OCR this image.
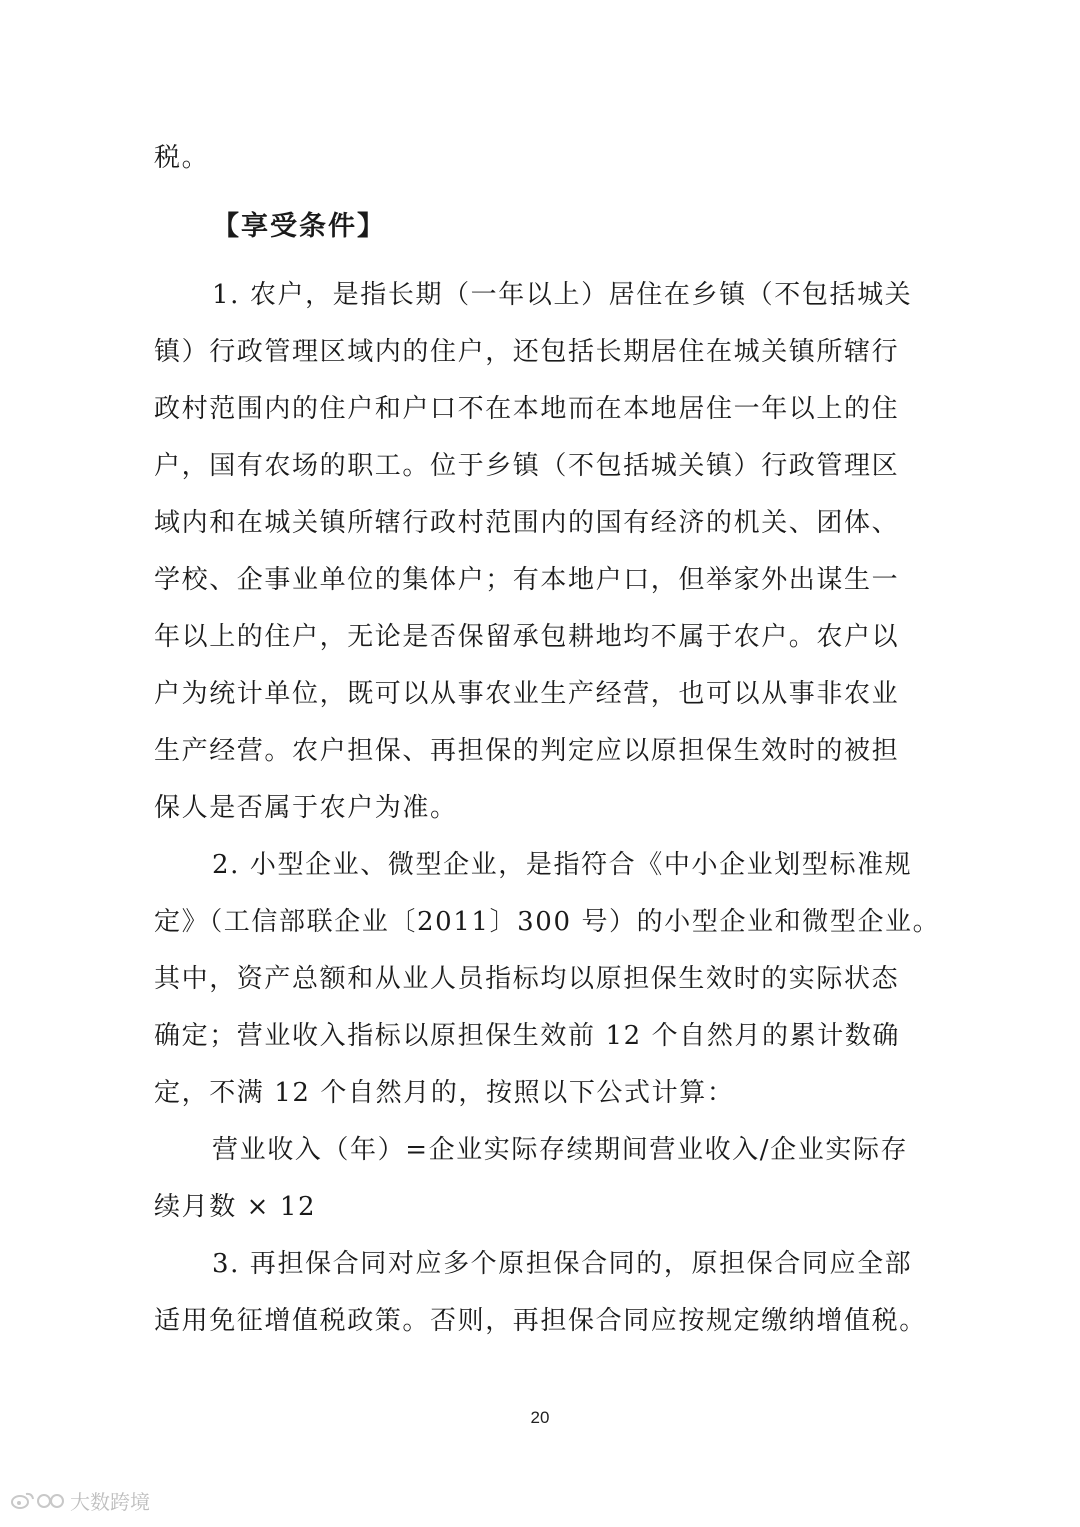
税。
【享受条件】
1. 农户，是指长期（一年以上）居住在乡镇（不包括城关
镇）行政管理区域内的住户，还包括长期居住在城关镇所辖行
政村范围内的住户和户口不在本地而在本地居住一年以上的住
户，国有农场的职工。位于乡镇（不包括城关镇）行政管理区
域内和在城关镇所辖行政村范围内的国有经济的机关、团体、
学校、企事业单位的集体户；有本地户口，但举家外出谋生一
年以上的住户，无论是否保留承包耕地均不属于农户。农户以
户为统计单位，既可以从事农业生产经营，也可以从事非农业
生产经营。农户担保、再担保的判定应以原担保生效时的被担
保人是否属于农户为准。
2. 小型企业、微型企业，是指符合《中小企业划型标准规
定》（工信部联企业〔2011〕300 号）的小型企业和微型企业。
其中，资产总额和从业人员指标均以原担保生效时的实际状态
确定；营业收入指标以原担保生效前 12 个自然月的累计数确
定，不满 12 个自然月的，按照以下公式计算：
营业收入（年）=企业实际存续期间营业收入/企业实际存
续月数 × 12
3. 再担保合同对应多个原担保合同的，原担保合同应全部
适用免征增值税政策。否则，再担保合同应按规定缴纳增值税。
20
大数跨境
